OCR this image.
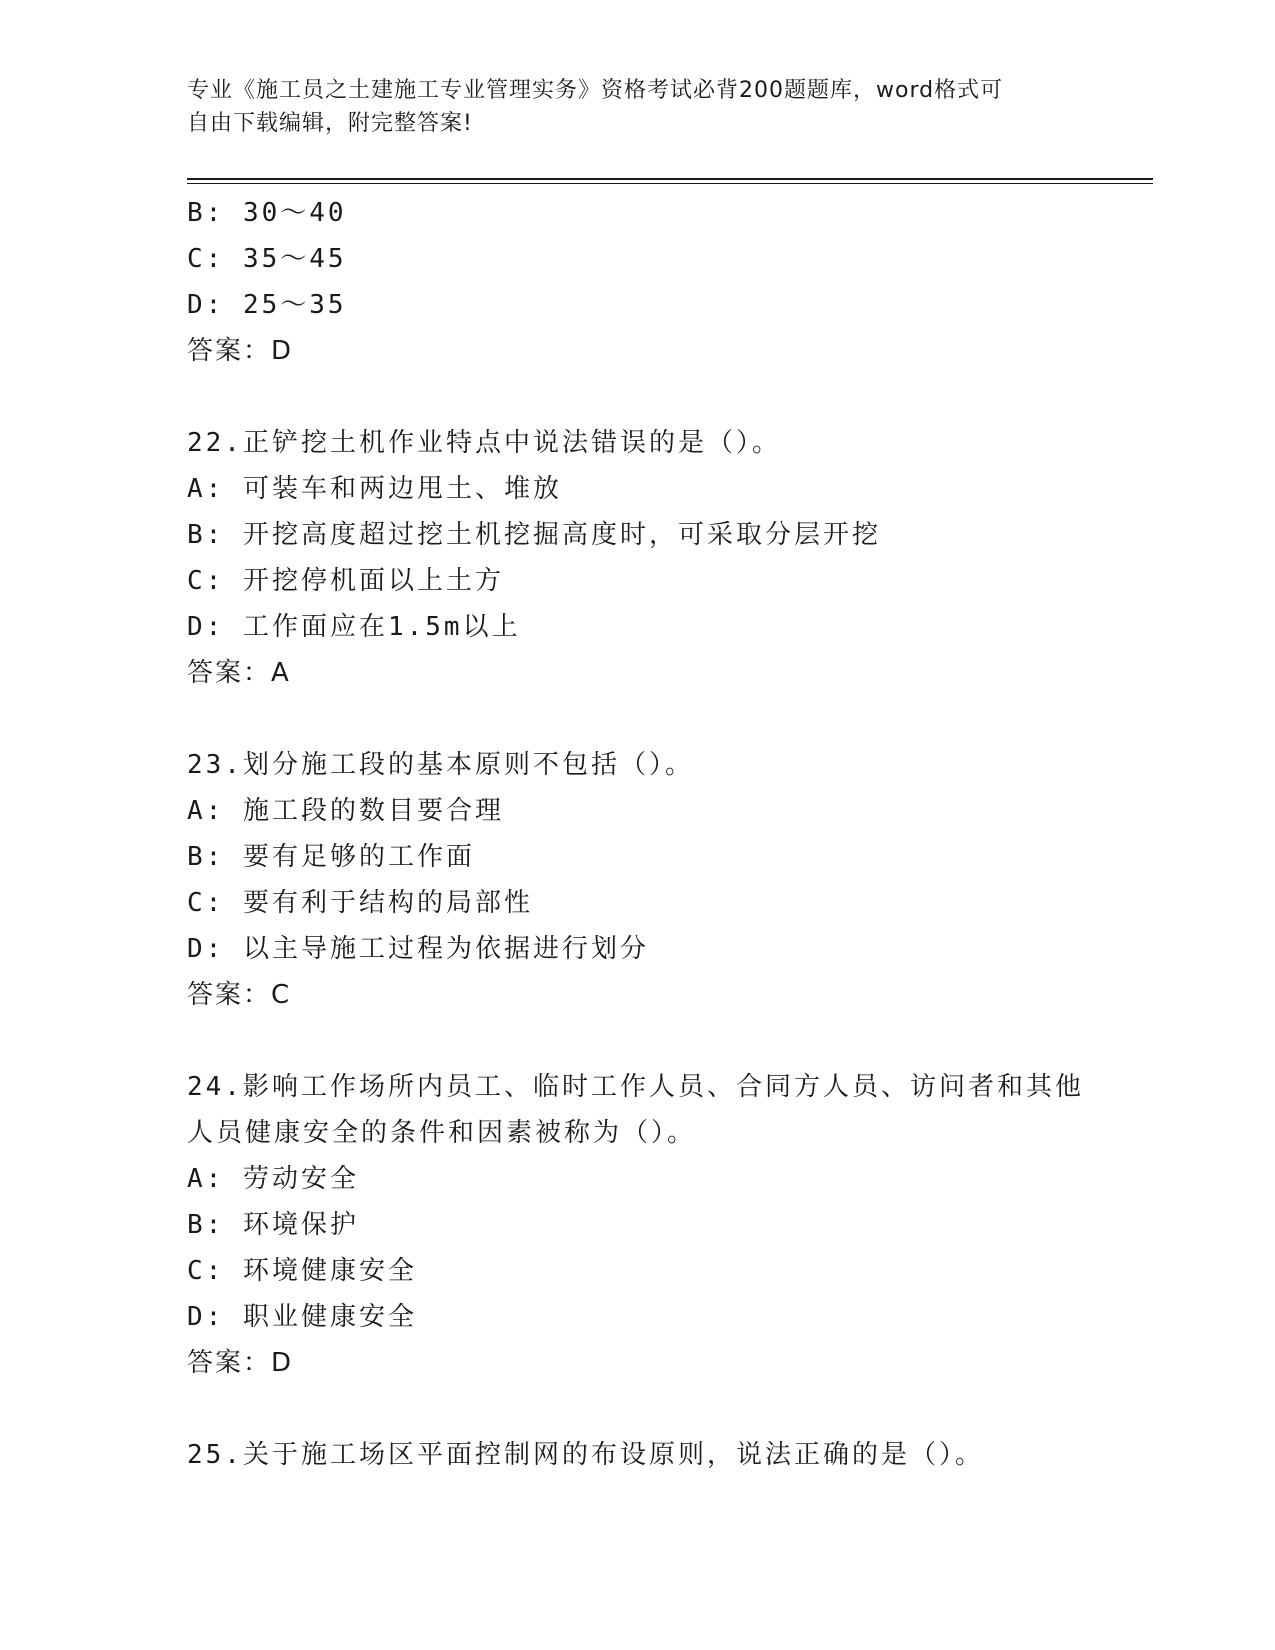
专业《施工员之土建施工专业管理实务》资格考试必背200题题库，word格式可
自由下载编辑，附完整答案!
B: 30～40
C: 35～45
D: 25～35
答案：D
22.正铲挖土机作业特点中说法错误的是（）。
A: 可装车和两边甩土、堆放
B: 开挖高度超过挖土机挖掘高度时，可采取分层开挖
C: 开挖停机面以上土方
D: 工作面应在1.5m以上
答案：A
23.划分施工段的基本原则不包括（）。
A: 施工段的数目要合理
B: 要有足够的工作面
C: 要有利于结构的局部性
D: 以主导施工过程为依据进行划分
答案：C
24.影响工作场所内员工、临时工作人员、合同方人员、访问者和其他
人员健康安全的条件和因素被称为（）。
A: 劳动安全
B: 环境保护
C: 环境健康安全
D: 职业健康安全
答案：D
25.关于施工场区平面控制网的布设原则，说法正确的是（）。
